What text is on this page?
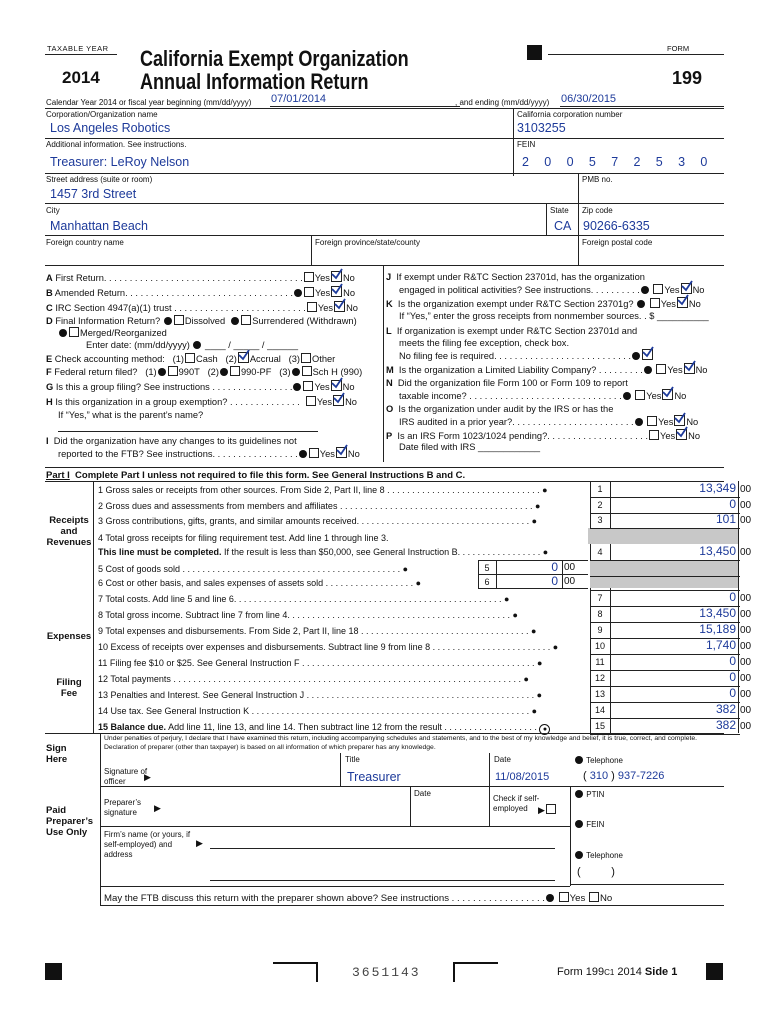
TAXABLE YEAR
2014
California Exempt Organization
Annual Information Return
FORM
199
Calendar Year 2014 or fiscal year beginning (mm/dd/yyyy) 07/01/2014	, and ending (mm/dd/yyyy) 06/30/2015
Corporation/Organization name	California corporation number
Los Angeles Robotics	3103255
Additional information. See instructions.	FEIN
Treasurer: LeRoy Nelson	2 0 0 5 7 2 5 3 0
Street address (suite or room)	PMB no.
1457 3rd Street
City	State Zip code
Manhattan Beach	CA 90266-6335
Foreign country name	Foreign province/state/county	Foreign postal code
A First Return. . . . . . . . . . . . . . . . . . . . . . . . . . . . . . . . . . . . . . . Yes No
B Amended Return. . . . . . . . . . . . . . . . . . . . . . . . . . . . . . . . . Yes No
C IRC Section 4947(a)(1) trust . . . . . . . . . . . . . . . . . . . . . . . . . . Yes No
D Final Information Return?	Dissolved	Surrendered (Withdrawn)
Merged/Reorganized
Enter date: (mm/dd/yyyy) ____ / _____ / ______
E Check accounting method: (1) Cash (2) Accrual (3) Other
F Federal return filed? (1) 990T (2) 990-PF (3) Sch H (990)
G Is this a group filing? See instructions . . . . . . . . . . . . . . . . Yes No
H Is this organization in a group exemption? . . . . . . . . . . . . . . Yes No
If “Yes,” what is the parent’s name?
I Did the organization have any changes to its guidelines not
reported to the FTB? See instructions. . . . . . . . . . . . . . . . . Yes No
J If exempt under R&TC Section 23701d, has the organization
engaged in political activities? See instructions. . . . . . . . . .	Yes No
K Is the organization exempt under R&TC Section 23701g?	Yes No
If “Yes,” enter the gross receipts from nonmember sources. . $ __________
L If organization is exempt under R&TC Section 23701d and
meets the filing fee exception, check box.
No filing fee is required. . . . . . . . . . . . . . . . . . . . . . . . . . .
M Is the organization a Limited Liability Company? . . . . . . . . .	Yes No
N Did the organization file Form 100 or Form 109 to report
taxable income? . . . . . . . . . . . . . . . . . . . . . . . . . . . . . .	Yes No
O Is the organization under audit by the IRS or has the
IRS audited in a prior year?. . . . . . . . . . . . . . . . . . . . . . . .	Yes No
P Is an IRS Form 1023/1024 pending?. . . . . . . . . . . . . . . . . . . . Yes No
Date filed with IRS ____________
Part I Complete Part I unless not required to file this form. See General Instructions B and C.
Receipts and Revenues
Expenses
Filing Fee
1 Gross sales or receipts from other sources. From Side 2, Part II, line 8 . . . . . . . . . . . . . . . . . . . . . . . . . . . . . . . ●	1	13,349 00
2 Gross dues and assessments from members and affiliates . . . . . . . . . . . . . . . . . . . . . . . . . . . . . . . . . . . . . . . ●	2	0 00
3 Gross contributions, gifts, grants, and similar amounts received. . . . . . . . . . . . . . . . . . . . . . . . . . . . . . . . . . . ●	3	101 00
4 Total gross receipts for filing requirement test. Add line 1 through line 3.
This line must be completed. If the result is less than $50,000, see General Instruction B. . . . . . . . . . . . . . . . . ●	4	13,450 00
5 Cost of goods sold . . . . . . . . . . . . . . . . . . . . . . . . . . . . . . . . . . . . . . . . . . . . ●	5	0 00
6 Cost or other basis, and sales expenses of assets sold . . . . . . . . . . . . . . . . . . ●	6	0 00
7 Total costs. Add line 5 and line 6. . . . . . . . . . . . . . . . . . . . . . . . . . . . . . . . . . . . . . . . . . . . . . . . . . . . . . ●	7	0 00
8 Total gross income. Subtract line 7 from line 4. . . . . . . . . . . . . . . . . . . . . . . . . . . . . . . . . . . . . . . . . . . . . ●	8	13,450 00
9 Total expenses and disbursements. From Side 2, Part II, line 18 . . . . . . . . . . . . . . . . . . . . . . . . . . . . . . . . . . ●	9	15,189 00
10 Excess of receipts over expenses and disbursements. Subtract line 9 from line 8 . . . . . . . . . . . . . . . . . . . . . . . . ●	10	1,740 00
11 Filing fee $10 or $25. See General Instruction F . . . . . . . . . . . . . . . . . . . . . . . . . . . . . . . . . . . . . . . . . . . . . . . ●	11	0 00
12 Total payments . . . . . . . . . . . . . . . . . . . . . . . . . . . . . . . . . . . . . . . . . . . . . . . . . . . . . . . . . . . . . . . . . . . . . . ●	12	0 00
13 Penalties and Interest. See General Instruction J . . . . . . . . . . . . . . . . . . . . . . . . . . . . . . . . . . . . . . . . . . . . . . ●	13	0 00
14 Use tax. See General Instruction K . . . . . . . . . . . . . . . . . . . . . . . . . . . . . . . . . . . . . . . . . . . . . . . . . . . . . . . . ●	14	382 00
15 Balance due. Add line 11, line 13, and line 14. Then subtract line 12 from the result . . . . . . . . . . . . . . . . . . . ●	15	382 00
Sign Here
Under penalties of perjury, I declare that I have examined this return, including accompanying schedules and statements, and to the best of my knowledge and belief, it is true, correct, and complete. Declaration of preparer (other than taxpayer) is based on all information of which preparer has any knowledge.
Title	Date	Telephone
Signature of officer	▶	Treasurer	11/08/2015	( 310 ) 937-7226
Paid Preparer’s Use Only
Preparer’s signature	▶
Date
Check if self-employed	▶
PTIN
Firm’s name (or yours, if self-employed) and address
▶
FEIN
Telephone
(          )
May the FTB discuss this return with the preparer shown above? See instructions . . . . . . . . . . . . . . . . . .	Yes No
3651143	Form 199C1 2014 Side 1
